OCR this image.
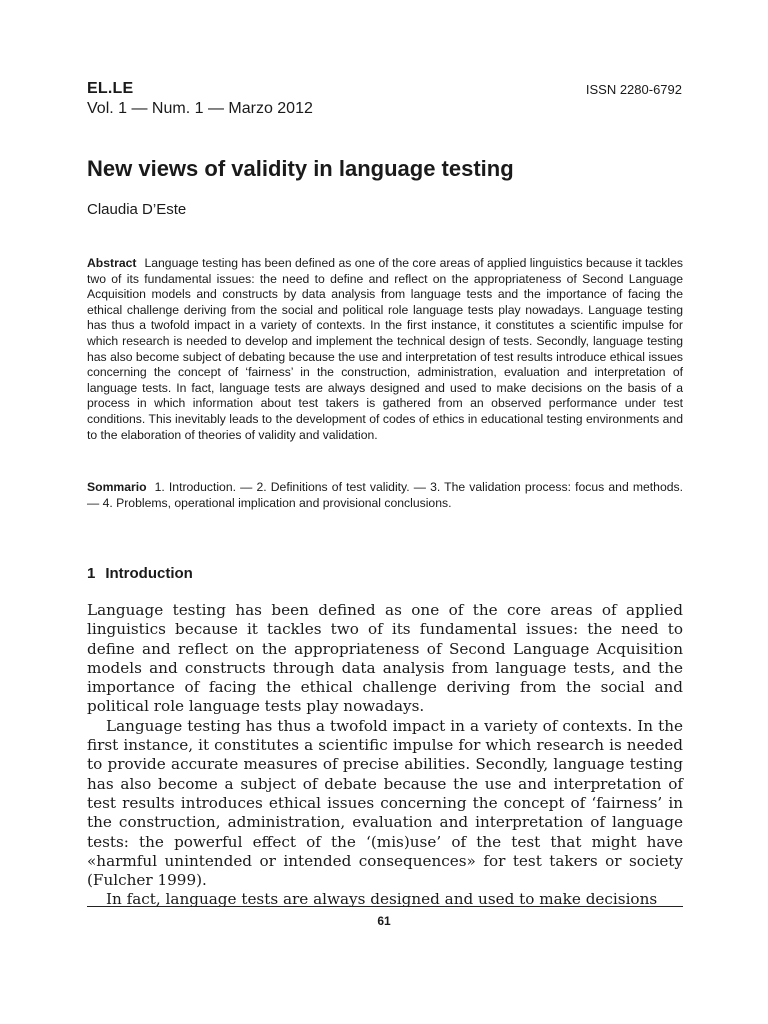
EL.LE	ISSN 2280-6792
Vol. 1 — Num. 1 — Marzo 2012
New views of validity in language testing
Claudia D’Este

Abstract Language testing has been defined as one of the core areas of applied linguistics because it tackles two of its fundamental issues: the need to define and reflect on the appropriateness of Second Language Acquisition models and constructs by data analysis from language tests and the importance of facing the ethical challenge deriving from the social and political role language tests play nowadays. Language testing has thus a twofold impact in a variety of contexts. In the first instance, it constitutes a scientific impulse for which research is needed to develop and implement the technical design of tests. Secondly, language testing has also become subject of debating because the use and interpretation of test results introduce ethical issues concerning the concept of ‘fairness’ in the construction, administration, evaluation and interpretation of language tests. In fact, language tests are always designed and used to make decisions on the basis of a process in which information about test takers is gathered from an observed performance under test conditions. This inevitably leads to the development of codes of ethics in educational testing environments and to the elaboration of theories of validity and validation.

Sommario 1. Introduction. — 2. Definitions of test validity. — 3. The validation process: focus and methods. — 4. Problems, operational implication and provisional conclusions.

1 Introduction

Language testing has been defined as one of the core areas of applied linguistics because it tackles two of its fundamental issues: the need to define and reflect on the appropriateness of Second Language Acquisition models and constructs through data analysis from language tests, and the importance of facing the ethical challenge deriving from the social and political role language tests play nowadays.

Language testing has thus a twofold impact in a variety of contexts. In the first instance, it constitutes a scientific impulse for which research is needed to provide accurate measures of precise abilities. Secondly, language testing has also become a subject of debate because the use and interpretation of test results introduces ethical issues concerning the concept of ‘fairness’ in the construction, administration, evaluation and interpretation of language tests: the powerful effect of the ‘(mis)use’ of the test that might have «harmful unintended or intended consequences» for test takers or society (Fulcher 1999).

In fact, language tests are always designed and used to make decisions

61
